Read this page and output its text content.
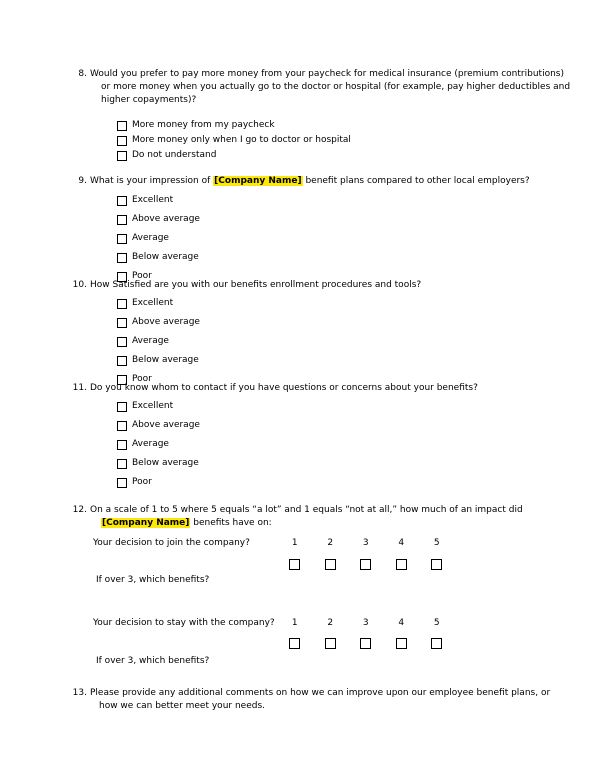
8. Would you prefer to pay more money from your paycheck for medical insurance (premium contributions)
or more money when you actually go to the doctor or hospital (for example, pay higher deductibles and
higher copayments)?
More money from my paycheck
More money only when I go to doctor or hospital
Do not understand
9. What is your impression of [Company Name] benefit plans compared to other local employers?
Excellent
Above average
Average
Below average
Poor
10. How Satisfied are you with our benefits enrollment procedures and tools?
Excellent
Above average
Average
Below average
Poor
11. Do you know whom to contact if you have questions or concerns about your benefits?
Excellent
Above average
Average
Below average
Poor
12. On a scale of 1 to 5 where 5 equals “a lot” and 1 equals “not at all,” how much of an impact did
[Company Name] benefits have on:
Your decision to join the company?	1	2	3	4	5
If over 3, which benefits?
Your decision to stay with the company?	1	2	3	4	5
If over 3, which benefits?
13. Please provide any additional comments on how we can improve upon our employee benefit plans, or
how we can better meet your needs.
